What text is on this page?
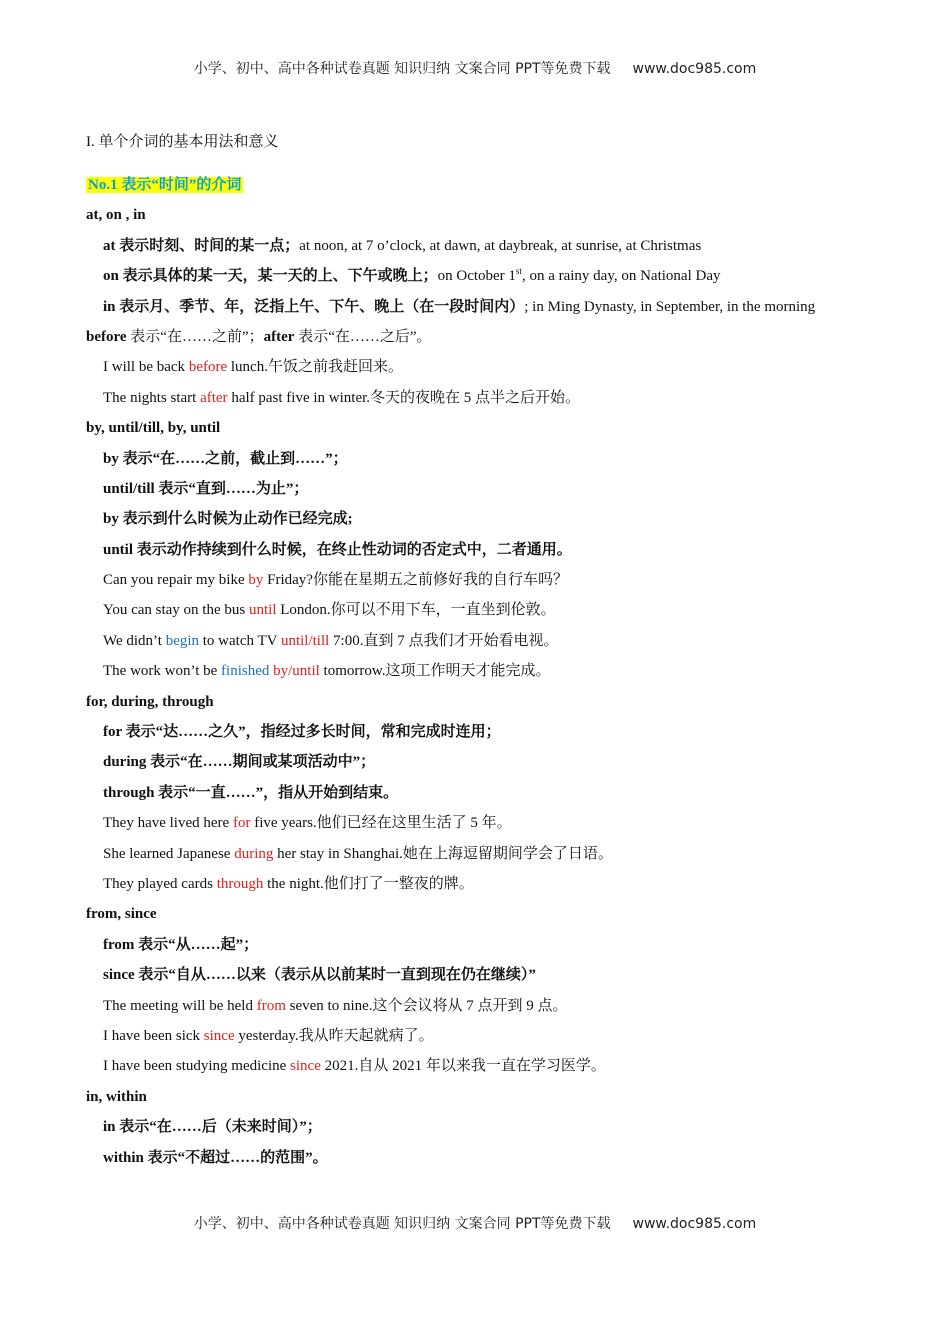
小学、初中、高中各种试卷真题 知识归纳 文案合同 PPT等免费下载 www.doc985.com
I. 单个介词的基本用法和意义
No.1 表示“时间”的介词
at, on , in
at 表示时刻、时间的某一点；at noon, at 7 o’clock, at dawn, at daybreak, at sunrise, at Christmas
on 表示具体的某一天，某一天的上、下午或晚上；on October 1st, on a rainy day, on National Day
in 表示月、季节、年，泛指上午、下午、晚上（在一段时间内）; in Ming Dynasty, in September, in the morning
before 表示“在……之前”；after 表示“在……之后”。
I will be back before lunch.午饭之前我赶回来。
The nights start after half past five in winter.冬天的夜晚在 5 点半之后开始。
by, until/till, by, until
by 表示“在……之前，截止到……”；
until/till 表示“直到……为止”；
by 表示到什么时候为止动作已经完成;
until 表示动作持续到什么时候，在终止性动词的否定式中，二者通用。
Can you repair my bike by Friday?你能在星期五之前修好我的自行车吗？
You can stay on the bus until London.你可以不用下车，一直坐到伦敦。
We didn’t begin to watch TV until/till 7:00.直到 7 点我们才开始看电视。
The work won’t be finished by/until tomorrow.这项工作明天才能完成。
for, during, through
for 表示“达……之久”，指经过多长时间，常和完成时连用；
during 表示“在……期间或某项活动中”；
through 表示“一直……”，指从开始到结束。
They have lived here for five years.他们已经在这里生活了 5 年。
She learned Japanese during her stay in Shanghai.她在上海逗留期间学会了日语。
They played cards through the night.他们打了一整夜的牌。
from, since
from 表示“从……起”；
since 表示“自从……以来（表示从以前某时一直到现在仍在继续）”
The meeting will be held from seven to nine.这个会议将从 7 点开到 9 点。
I have been sick since yesterday.我从昨天起就病了。
I have been studying medicine since 2021.自从 2021 年以来我一直在学习医学。
in, within
in 表示“在……后（未来时间）”；
within 表示“不超过……的范围”。
小学、初中、高中各种试卷真题 知识归纳 文案合同 PPT等免费下载 www.doc985.com
